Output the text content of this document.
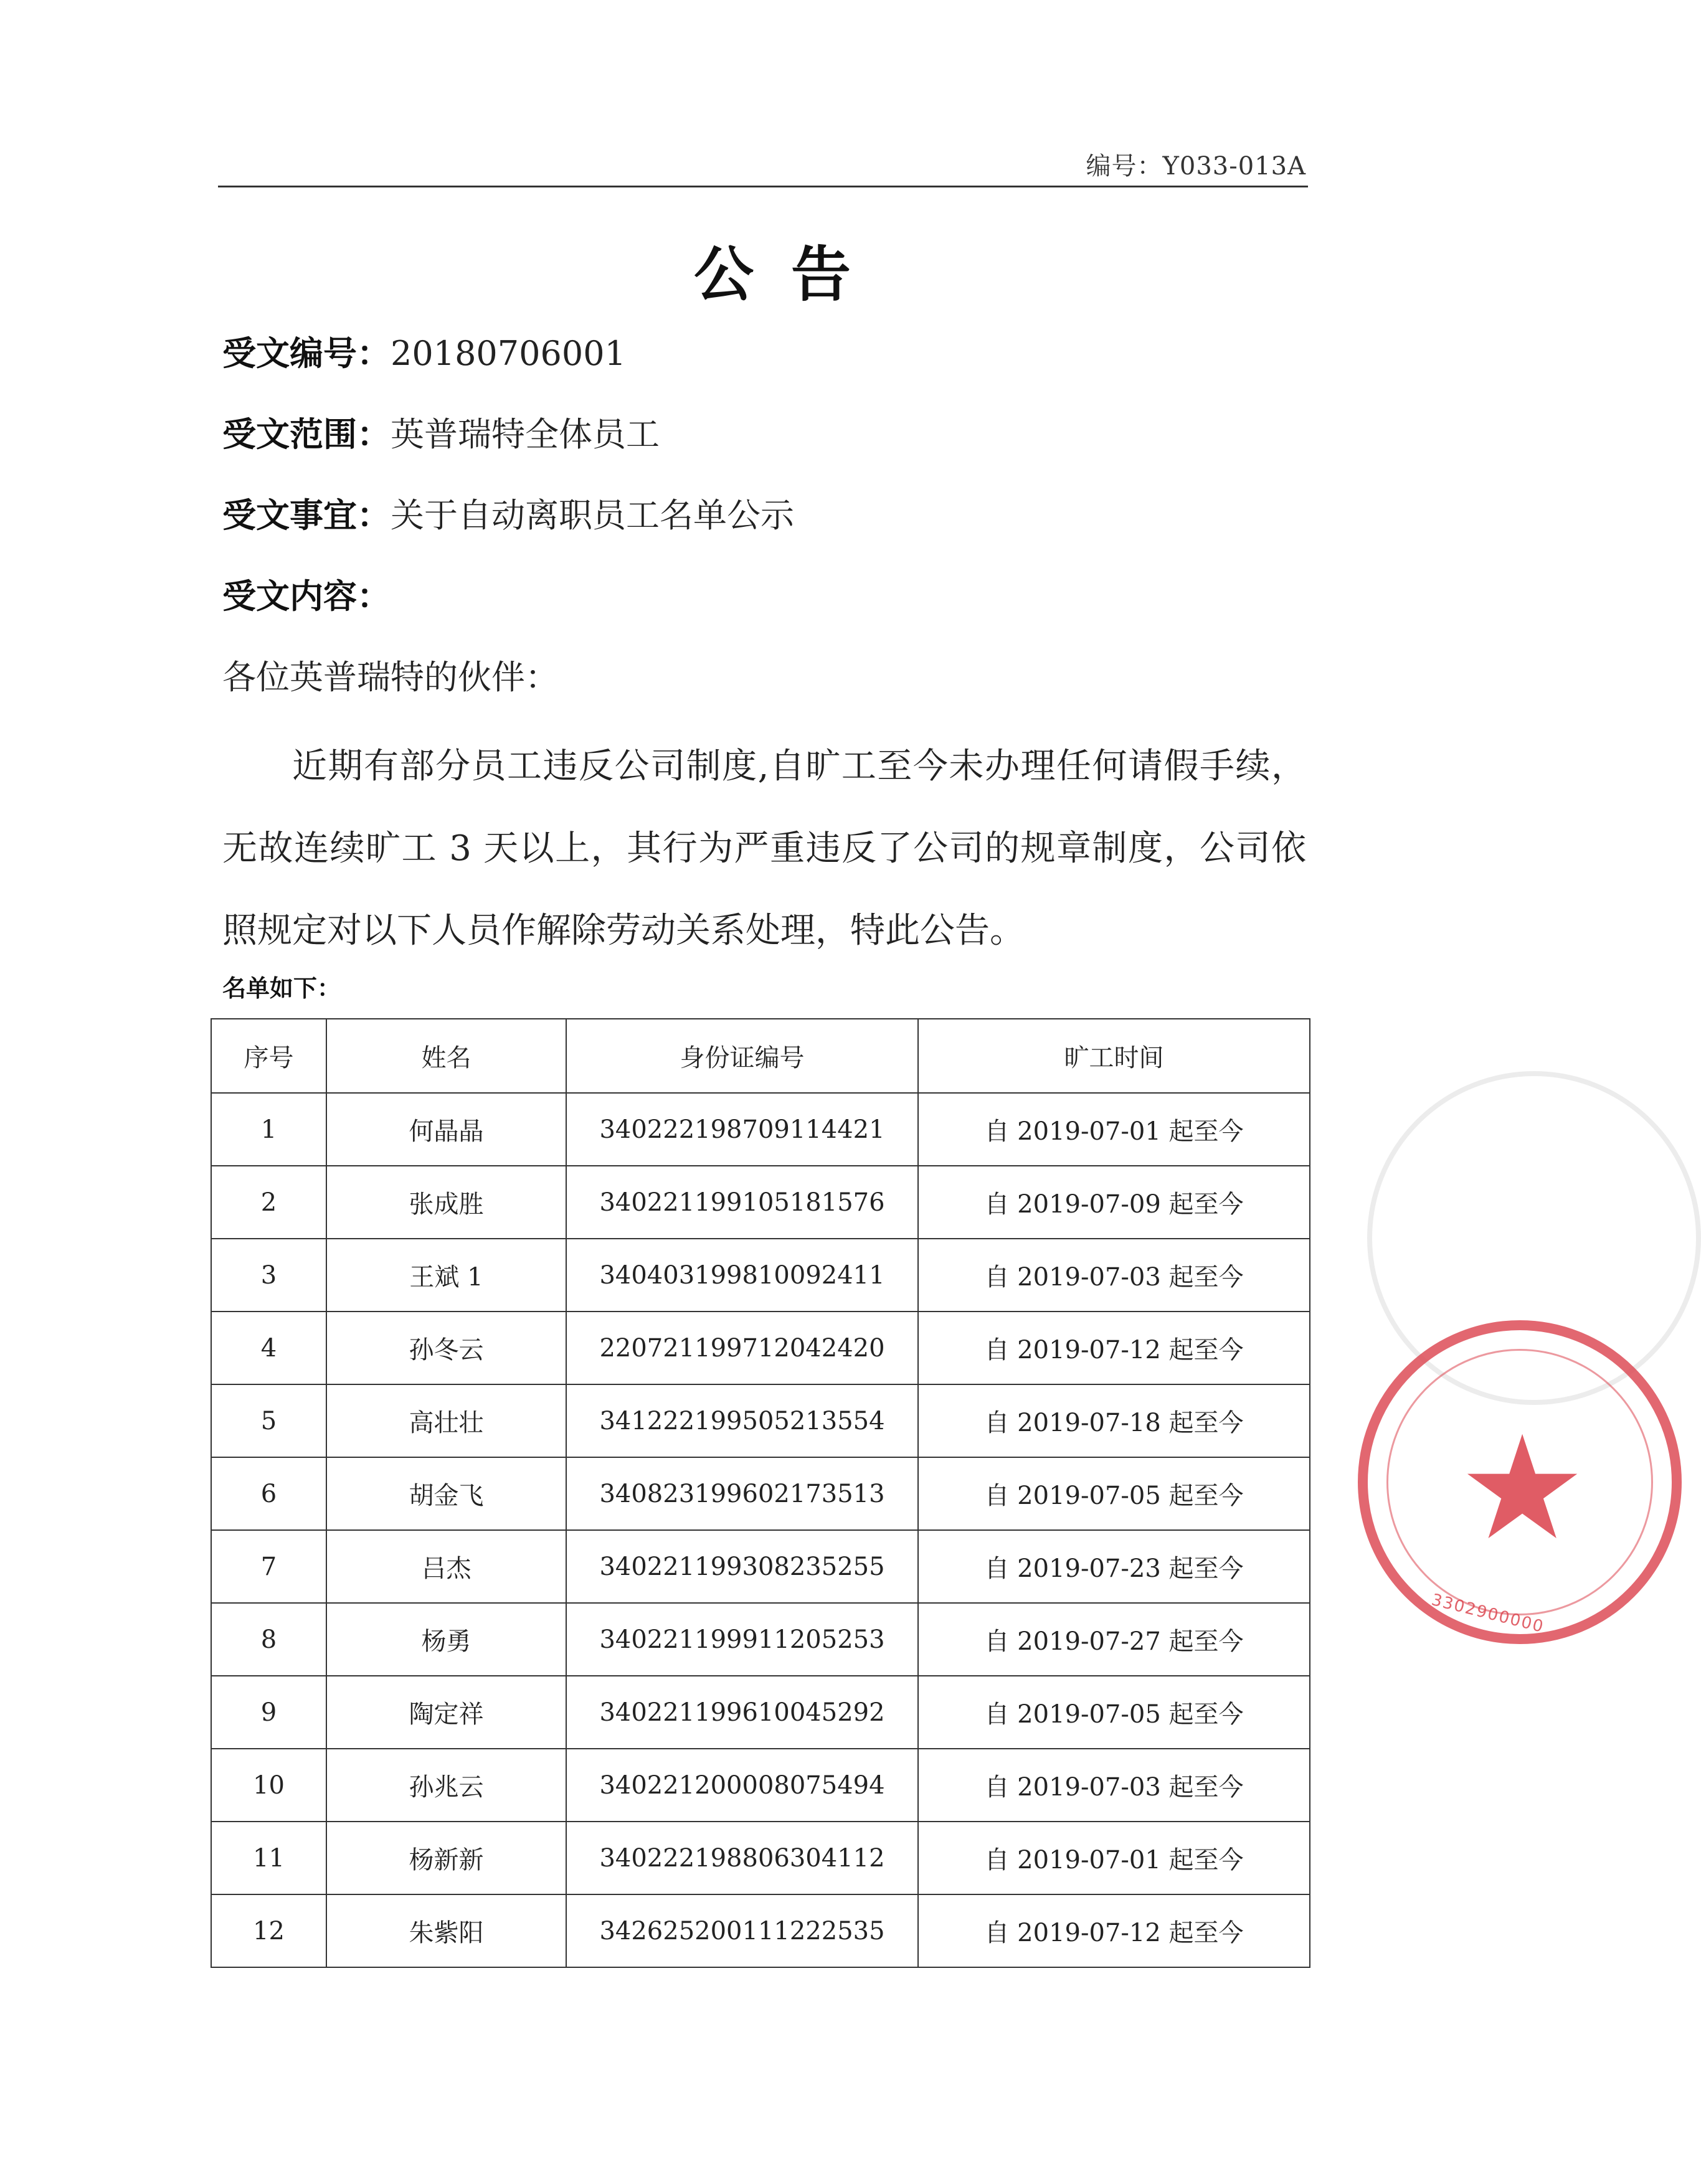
编号：Y033-013A
公告
受文编号：20180706001
受文范围：英普瑞特全体员工
受文事宜：关于自动离职员工名单公示
受文内容：
各位英普瑞特的伙伴：
近期有部分员工违反公司制度,自旷工至今未办理任何请假手续，无故连续旷工 3 天以上，其行为严重违反了公司的规章制度，公司依照规定对以下人员作解除劳动关系处理，特此公告。
名单如下：
序号	姓名	身份证编号	旷工时间
1	何晶晶	340222198709114421	自 2019-07-01 起至今
2	张成胜	340221199105181576	自 2019-07-09 起至今
3	王斌 1	340403199810092411	自 2019-07-03 起至今
4	孙冬云	220721199712042420	自 2019-07-12 起至今
5	高壮壮	341222199505213554	自 2019-07-18 起至今
6	胡金飞	340823199602173513	自 2019-07-05 起至今
7	吕杰	340221199308235255	自 2019-07-23 起至今
8	杨勇	340221199911205253	自 2019-07-27 起至今
9	陶定祥	340221199610045292	自 2019-07-05 起至今
10	孙兆云	340221200008075494	自 2019-07-03 起至今
11	杨新新	340222198806304112	自 2019-07-01 起至今
12	朱紫阳	342625200111222535	自 2019-07-12 起至今
★
3302900000
